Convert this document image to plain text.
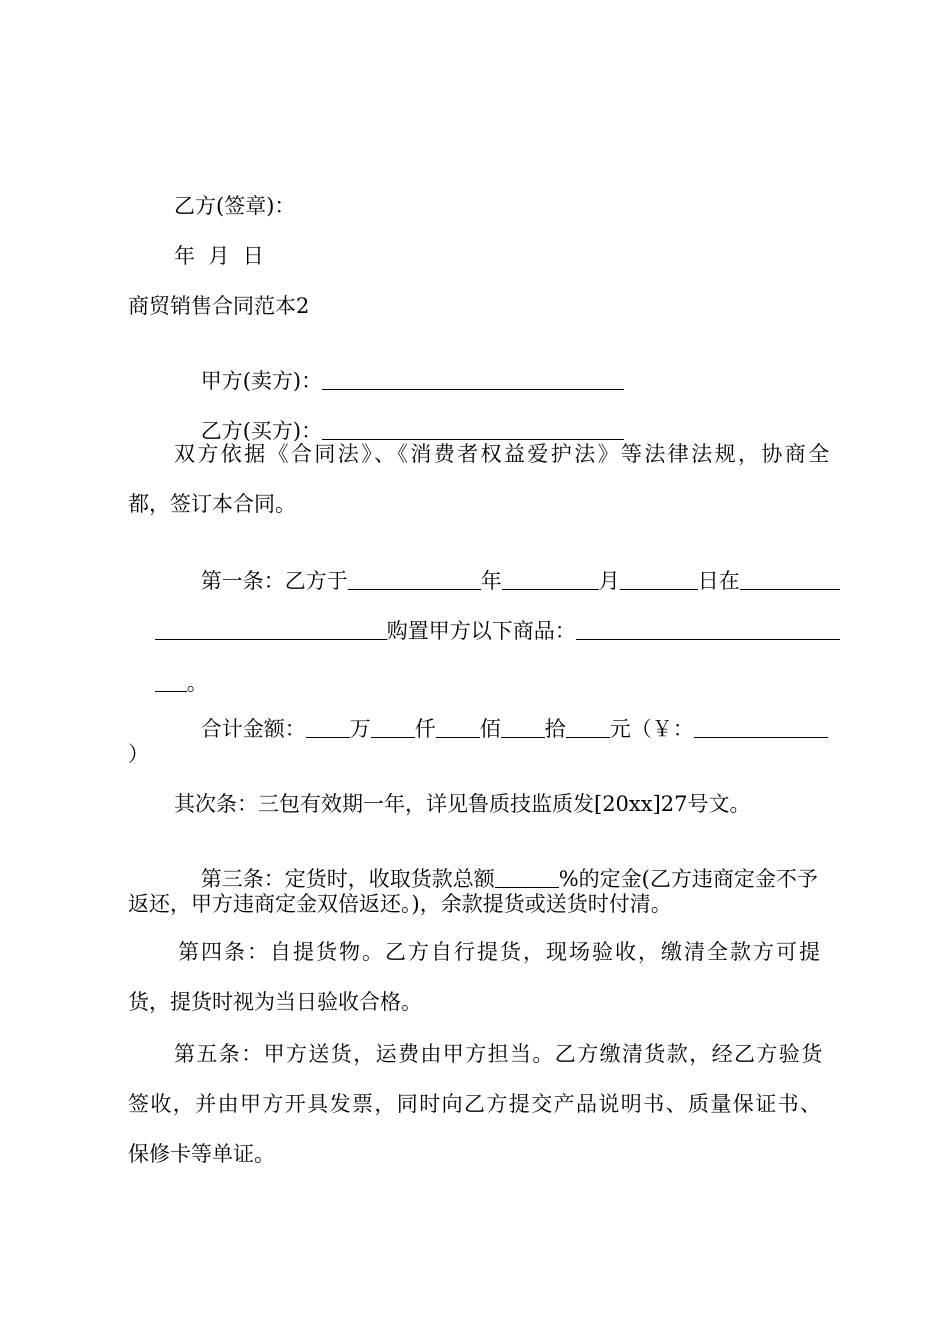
乙方(签章)：
年  月  日
商贸销售合同范本2

甲方(卖方)：

乙方(买方)：

双方依据《合同法》、《消费者权益爱护法》等法律法规，协商全
都，签订本合同。

第一条：乙方于	年	月	日在

购置甲方以下商品：

。

合计金额： 万 仟 佰 拾 元（￥：

）
其次条：三包有效期一年，详见鲁质技监质发[20xx]27号文。

第三条：定货时，收取货款总额	%的定金(乙方违商定金不予

返还，甲方违商定金双倍返还。)，余款提货或送货时付清。
第四条：自提货物。乙方自行提货，现场验收，缴清全款方可提
货，提货时视为当日验收合格。
第五条：甲方送货，运费由甲方担当。乙方缴清货款，经乙方验货
签收，并由甲方开具发票，同时向乙方提交产品说明书、质量保证书、
保修卡等单证。
